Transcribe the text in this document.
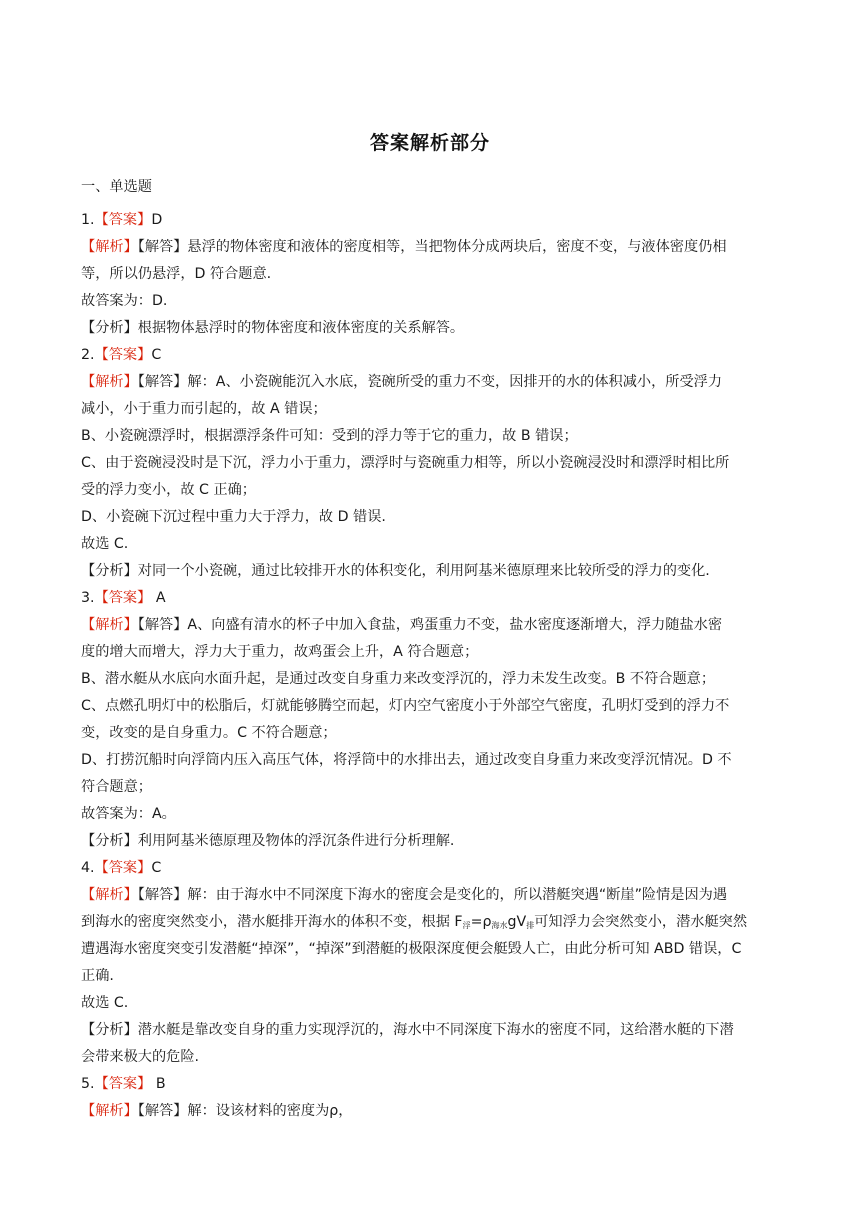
答案解析部分
一、单选题
1.【答案】D
【解析】【解答】悬浮的物体密度和液体的密度相等，当把物体分成两块后，密度不变，与液体密度仍相
等，所以仍悬浮，D 符合题意.
故答案为：D.
【分析】根据物体悬浮时的物体密度和液体密度的关系解答。
2.【答案】C
【解析】【解答】解：A、小瓷碗能沉入水底，瓷碗所受的重力不变，因排开的水的体积减小，所受浮力
减小，小于重力而引起的，故 A 错误；
B、小瓷碗漂浮时，根据漂浮条件可知：受到的浮力等于它的重力，故 B 错误；
C、由于瓷碗浸没时是下沉，浮力小于重力，漂浮时与瓷碗重力相等，所以小瓷碗浸没时和漂浮时相比所
受的浮力变小，故 C 正确；
D、小瓷碗下沉过程中重力大于浮力，故 D 错误.
故选 C.
【分析】对同一个小瓷碗，通过比较排开水的体积变化，利用阿基米德原理来比较所受的浮力的变化.
3.【答案】 A
【解析】【解答】A、向盛有清水的杯子中加入食盐，鸡蛋重力不变，盐水密度逐渐增大，浮力随盐水密
度的增大而增大，浮力大于重力，故鸡蛋会上升，A 符合题意；
B、潜水艇从水底向水面升起，是通过改变自身重力来改变浮沉的，浮力未发生改变。B 不符合题意；
C、点燃孔明灯中的松脂后，灯就能够腾空而起，灯内空气密度小于外部空气密度，孔明灯受到的浮力不
变，改变的是自身重力。C 不符合题意；
D、打捞沉船时向浮筒内压入高压气体，将浮筒中的水排出去，通过改变自身重力来改变浮沉情况。D 不
符合题意；
故答案为：A。
【分析】利用阿基米德原理及物体的浮沉条件进行分析理解.
4.【答案】C
【解析】【解答】解：由于海水中不同深度下海水的密度会是变化的，所以潜艇突遇“断崖”险情是因为遇
到海水的密度突然变小，潜水艇排开海水的体积不变，根据 $F_浮=\rho_{海水}gV_排$可知浮力会突然变小，潜水艇突然
遭遇海水密度突变引发潜艇“掉深”，“掉深”到潜艇的极限深度便会艇毁人亡，由此分析可知 ABD 错误，C
正确.
故选 C.
【分析】潜水艇是靠改变自身的重力实现浮沉的，海水中不同深度下海水的密度不同，这给潜水艇的下潜
会带来极大的危险.
5.【答案】 B
【解析】【解答】解：设该材料的密度为ρ，
